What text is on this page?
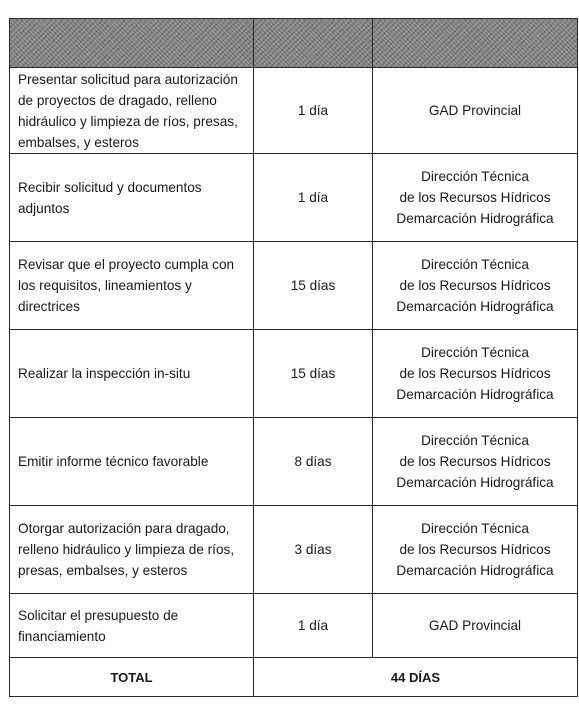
Presentar solicitud para autorización de proyectos de dragado, relleno hidráulico y limpieza de ríos, presas, embalses, y esteros	1 día	GAD Provincial

Recibir solicitud y documentos adjuntos	1 día	Dirección Técnica
de los Recursos Hídricos
Demarcación Hidrográfica

Revisar que el proyecto cumpla con los requisitos, lineamientos y directrices	15 días	Dirección Técnica
de los Recursos Hídricos
Demarcación Hidrográfica

Realizar la inspección in-situ	15 días	Dirección Técnica
de los Recursos Hídricos
Demarcación Hidrográfica

Emitir informe técnico favorable	8 días	Dirección Técnica
de los Recursos Hídricos
Demarcación Hidrográfica

Otorgar autorización para dragado, relleno hidráulico y limpieza de ríos, presas, embalses, y esteros	3 días	Dirección Técnica
de los Recursos Hídricos
Demarcación Hidrográfica

Solicitar el presupuesto de financiamiento	1 día	GAD Provincial

TOTAL	44 DÍAS	
